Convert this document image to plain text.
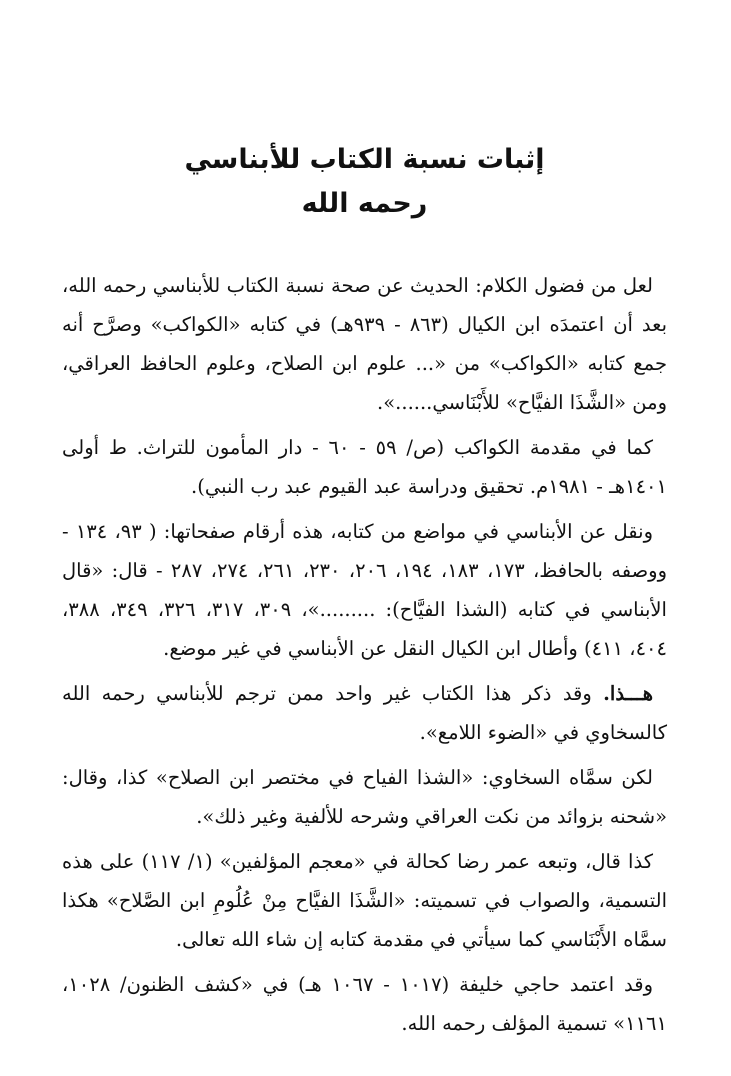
إثبات نسبة الكتاب للأبناسي
رحمه الله

لعل من فضول الكلام: الحديث عن صحة نسبة الكتاب للأبناسي رحمه الله، بعد أن اعتمدَه ابن الكيال (٨٦٣ - ٩٣٩هـ) في كتابه «الكواكب» وصرَّح أنه جمع كتابه «الكواكب» من «... علوم ابن الصلاح، وعلوم الحافظ العراقي، ومن «الشَّذَا الفيَّاح» للأَبْنَاسي......».

كما في مقدمة الكواكب (ص/ ٥٩ - ٦٠ - دار المأمون للتراث. ط أولى ١٤٠١هـ - ١٩٨١م. تحقيق ودراسة عبد القيوم عبد رب النبي).

ونقل عن الأبناسي في مواضع من كتابه، هذه أرقام صفحاتها: ( ٩٣، ١٣٤ - ووصفه بالحافظ، ١٧٣، ١٨٣، ١٩٤، ٢٠٦، ٢٣٠، ٢٦١، ٢٧٤، ٢٨٧ - قال: «قال الأبناسي في كتابه (الشذا الفيَّاح): .........»، ٣٠٩، ٣١٧، ٣٢٦، ٣٤٩، ٣٨٨، ٤٠٤، ٤١١) وأطال ابن الكيال النقل عن الأبناسي في غير موضع.

هـــذا. وقد ذكر هذا الكتاب غير واحد ممن ترجم للأبناسي رحمه الله كالسخاوي في «الضوء اللامع».

لكن سمَّاه السخاوي: «الشذا الفياح في مختصر ابن الصلاح» كذا، وقال: «شحنه بزوائد من نكت العراقي وشرحه للألفية وغير ذلك».

كذا قال، وتبعه عمر رضا كحالة في «معجم المؤلفين» (١/ ١١٧) على هذه التسمية، والصواب في تسميته: «الشَّذَا الفيَّاح مِنْ عُلُومِ ابن الصَّلاح» هكذا سمَّاه الأَبْنَاسي كما سيأتي في مقدمة كتابه إن شاء الله تعالى.

وقد اعتمد حاجي خليفة (١٠١٧ - ١٠٦٧ هـ) في «كشف الظنون/ ١٠٢٨، ١١٦١» تسمية المؤلف رحمه الله.
